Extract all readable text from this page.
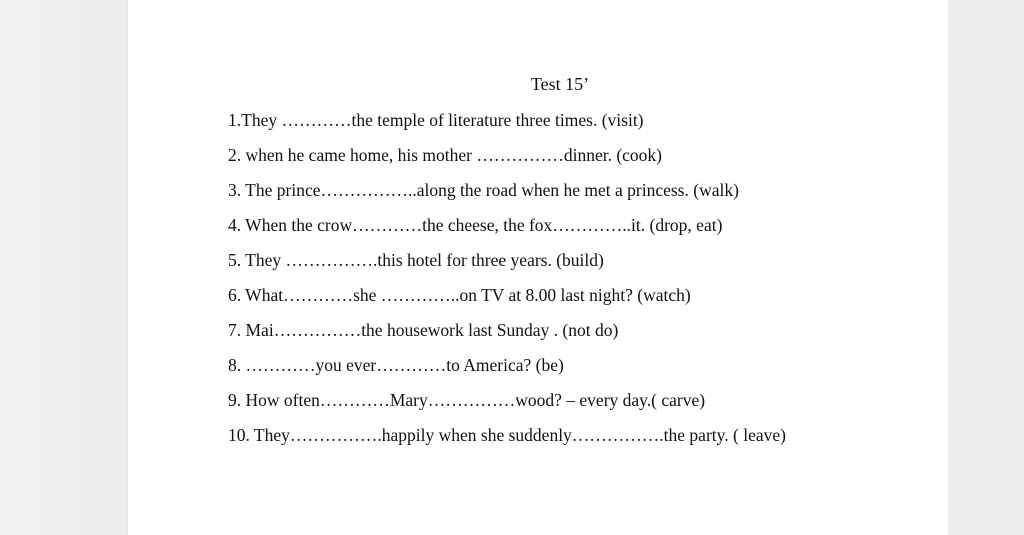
Test 15’
1.They …………the temple of literature three times. (visit)
2. when he came home, his mother ……………dinner. (cook)
3. The prince……………..along the road when he met a princess. (walk)
4. When the crow…………the cheese, the fox…………..it. (drop, eat)
5. They …………….this hotel for three years. (build)
6. What…………she …………..on TV at 8.00 last night? (watch)
7. Mai……………the housework last Sunday . (not do)
8. …………you ever…………to America? (be)
9. How often…………Mary……………wood? – every day.( carve)
10. They…………….happily when she suddenly…………….the party. ( leave)
